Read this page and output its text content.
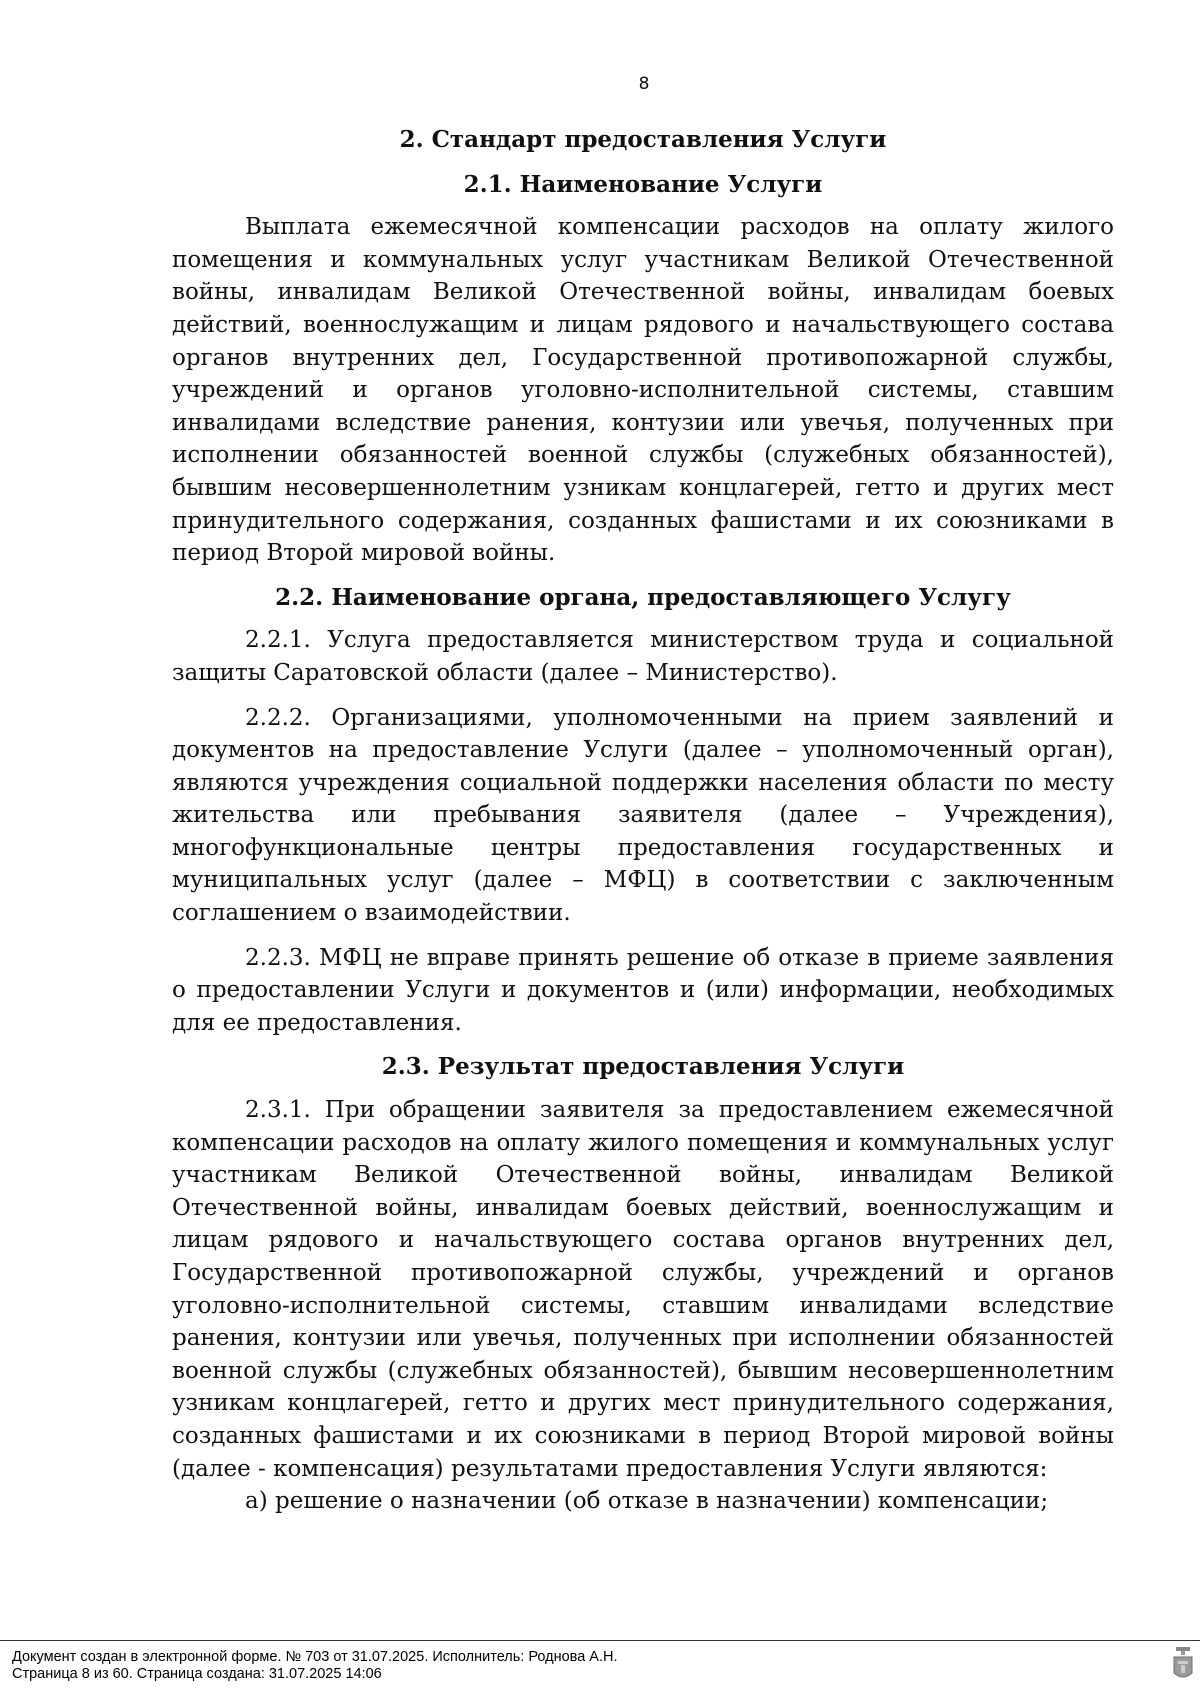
8
2. Стандарт предоставления Услуги
2.1. Наименование Услуги
Выплата ежемесячной компенсации расходов на оплату жилого помещения и коммунальных услуг участникам Великой Отечественной войны, инвалидам Великой Отечественной войны, инвалидам боевых действий, военнослужащим и лицам рядового и начальствующего состава органов внутренних дел, Государственной противопожарной службы, учреждений и органов уголовно-исполнительной системы, ставшим инвалидами вследствие ранения, контузии или увечья, полученных при исполнении обязанностей военной службы (служебных обязанностей), бывшим несовершеннолетним узникам концлагерей, гетто и других мест принудительного содержания, созданных фашистами и их союзниками в период Второй мировой войны.
2.2. Наименование органа, предоставляющего Услугу
2.2.1. Услуга предоставляется министерством труда и социальной защиты Саратовской области (далее – Министерство).
2.2.2. Организациями, уполномоченными на прием заявлений и документов на предоставление Услуги (далее – уполномоченный орган), являются учреждения социальной поддержки населения области по месту жительства или пребывания заявителя (далее – Учреждения), многофункциональные центры предоставления государственных и муниципальных услуг (далее – МФЦ) в соответствии с заключенным соглашением о взаимодействии.
2.2.3. МФЦ не вправе принять решение об отказе в приеме заявления о предоставлении Услуги и документов и (или) информации, необходимых для ее предоставления.
2.3. Результат предоставления Услуги
2.3.1. При обращении заявителя за предоставлением ежемесячной компенсации расходов на оплату жилого помещения и коммунальных услуг участникам Великой Отечественной войны, инвалидам Великой Отечественной войны, инвалидам боевых действий, военнослужащим и лицам рядового и начальствующего состава органов внутренних дел, Государственной противопожарной службы, учреждений и органов уголовно-исполнительной системы, ставшим инвалидами вследствие ранения, контузии или увечья, полученных при исполнении обязанностей военной службы (служебных обязанностей), бывшим несовершеннолетним узникам концлагерей, гетто и других мест принудительного содержания, созданных фашистами и их союзниками в период Второй мировой войны (далее - компенсация) результатами предоставления Услуги являются:
а) решение о назначении (об отказе в назначении) компенсации;
Документ создан в электронной форме. № 703 от 31.07.2025. Исполнитель: Роднова А.Н.
Страница 8 из 60. Страница создана: 31.07.2025 14:06
